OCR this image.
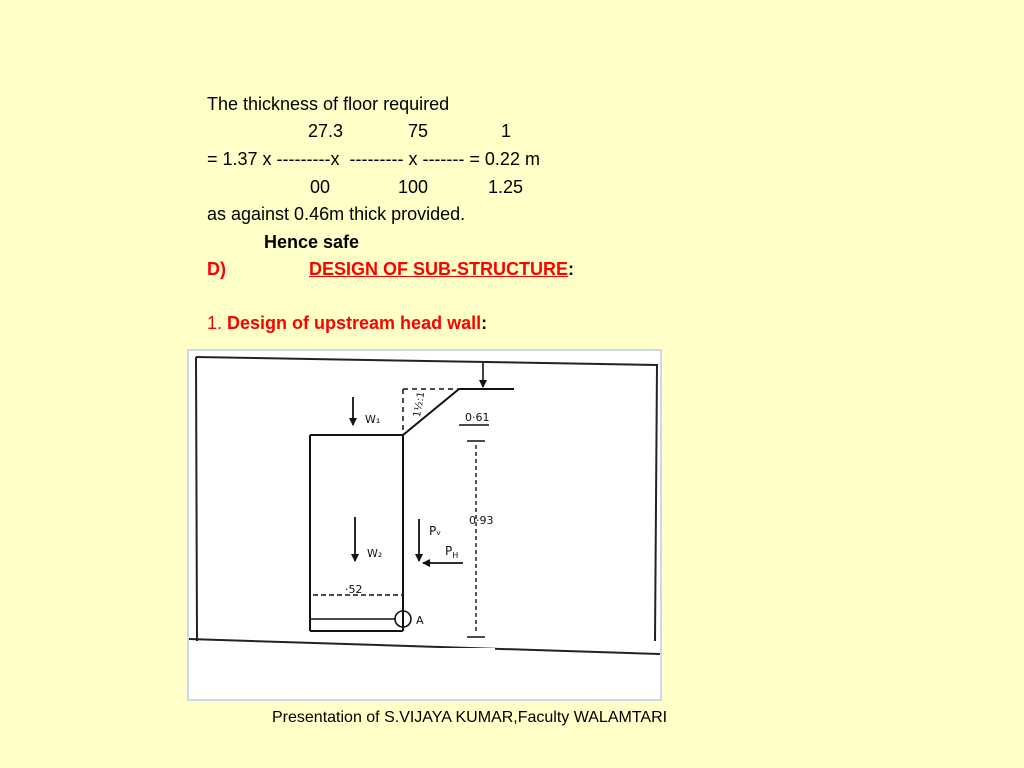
The thickness of floor required
27.3	75	1
= 1.37 x ---------x  --------- x ------- = 0.22 m
00	100	1.25
as against 0.46m thick provided.
Hence safe
D)	DESIGN OF SUB-STRUCTURE:
1. Design of upstream head wall:
W₁
W₂
1½:1	0·61
0·93
Pᵥ
$P_H$
·52
A
Presentation of S.VIJAYA KUMAR,Faculty WALAMTARI
